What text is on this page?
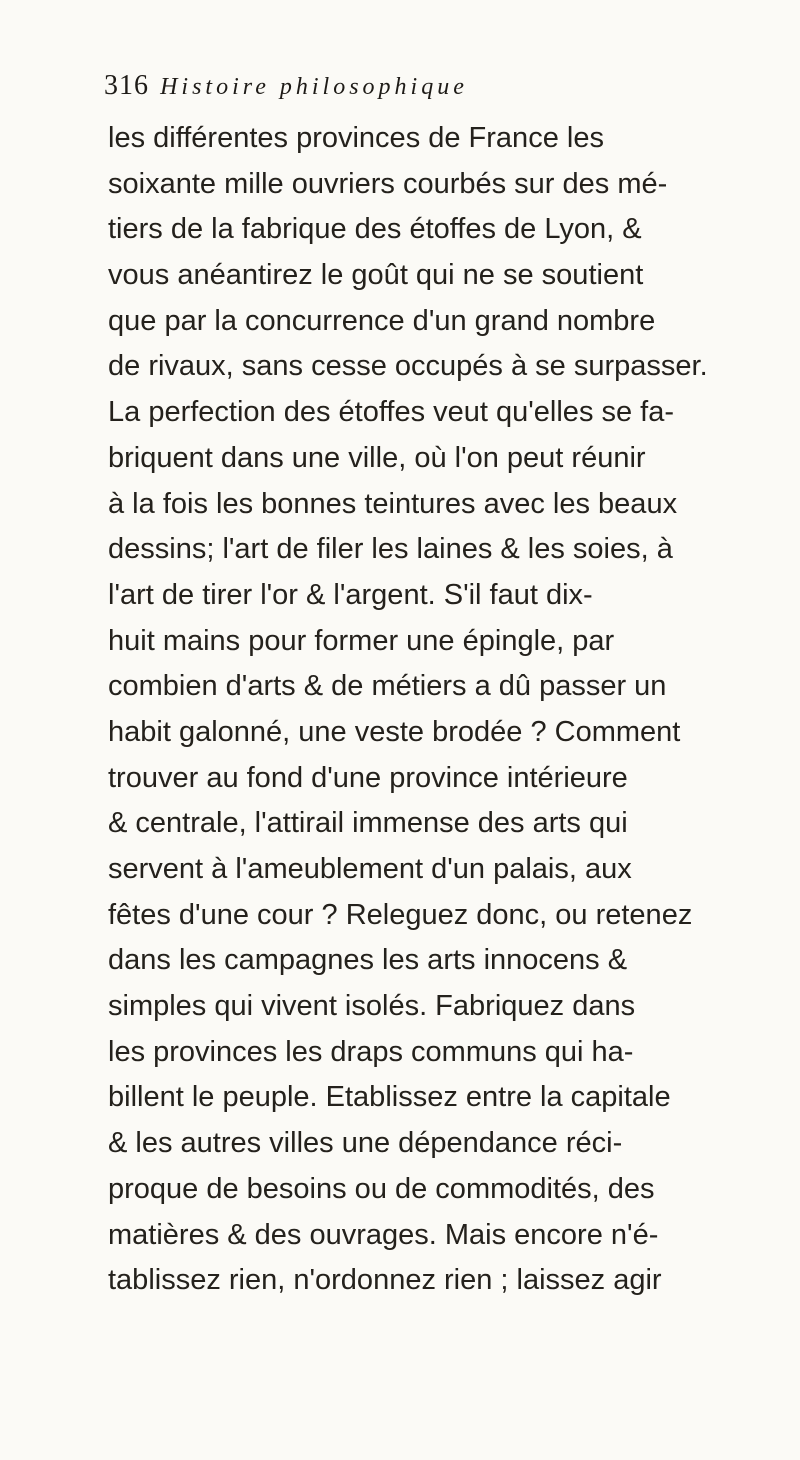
316 Histoire philosophique
les différentes provinces de France les
soixante mille ouvriers courbés sur des mé-
tiers de la fabrique des étoffes de Lyon, &
vous anéantirez le goût qui ne se soutient
que par la concurrence d'un grand nombre
de rivaux, sans cesse occupés à se surpasser.
La perfection des étoffes veut qu'elles se fa-
briquent dans une ville, où l'on peut réunir
à la fois les bonnes teintures avec les beaux
dessins; l'art de filer les laines & les soies, à
l'art de tirer l'or & l'argent. S'il faut dix-
huit mains pour former une épingle, par
combien d'arts & de métiers a dû passer un
habit galonné, une veste brodée ? Comment
trouver au fond d'une province intérieure
& centrale, l'attirail immense des arts qui
servent à l'ameublement d'un palais, aux
fêtes d'une cour ? Releguez donc, ou retenez
dans les campagnes les arts innocens &
simples qui vivent isolés. Fabriquez dans
les provinces les draps communs qui ha-
billent le peuple. Etablissez entre la capitale
& les autres villes une dépendance réci-
proque de besoins ou de commodités, des
matières & des ouvrages. Mais encore n'é-
tablissez rien, n'ordonnez rien ; laissez agir
